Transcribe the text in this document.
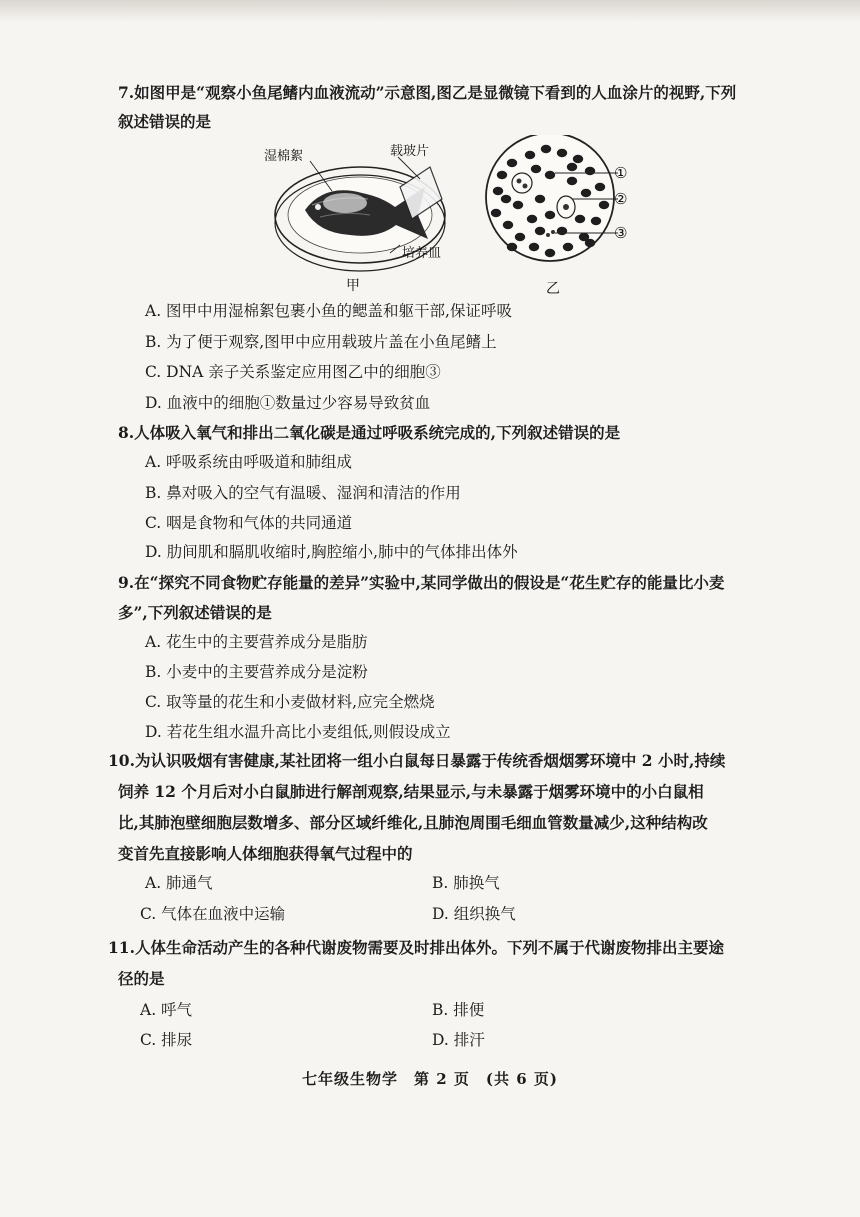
7.如图甲是“观察小鱼尾鳍内血液流动”示意图,图乙是显微镜下看到的人血涂片的视野,下列
叙述错误的是
湿棉絮	载玻片
培养皿
①
②
③
甲	乙
A. 图甲中用湿棉絮包裹小鱼的鳃盖和躯干部,保证呼吸
B. 为了便于观察,图甲中应用载玻片盖在小鱼尾鳍上
C. DNA 亲子关系鉴定应用图乙中的细胞③
D. 血液中的细胞①数量过少容易导致贫血
8.人体吸入氧气和排出二氧化碳是通过呼吸系统完成的,下列叙述错误的是
A. 呼吸系统由呼吸道和肺组成
B. 鼻对吸入的空气有温暖、湿润和清洁的作用
C. 咽是食物和气体的共同通道
D. 肋间肌和膈肌收缩时,胸腔缩小,肺中的气体排出体外
9.在“探究不同食物贮存能量的差异”实验中,某同学做出的假设是“花生贮存的能量比小麦
多”,下列叙述错误的是
A. 花生中的主要营养成分是脂肪
B. 小麦中的主要营养成分是淀粉
C. 取等量的花生和小麦做材料,应完全燃烧
D. 若花生组水温升高比小麦组低,则假设成立
10.为认识吸烟有害健康,某社团将一组小白鼠每日暴露于传统香烟烟雾环境中 2 小时,持续
饲养 12 个月后对小白鼠肺进行解剖观察,结果显示,与未暴露于烟雾环境中的小白鼠相
比,其肺泡壁细胞层数增多、部分区域纤维化,且肺泡周围毛细血管数量减少,这种结构改
变首先直接影响人体细胞获得氧气过程中的
A. 肺通气	B. 肺换气
C. 气体在血液中运输	D. 组织换气
11.人体生命活动产生的各种代谢废物需要及时排出体外。下列不属于代谢废物排出主要途
径的是
A. 呼气	B. 排便
C. 排尿	D. 排汗
七年级生物学　第 2 页　(共 6 页)
